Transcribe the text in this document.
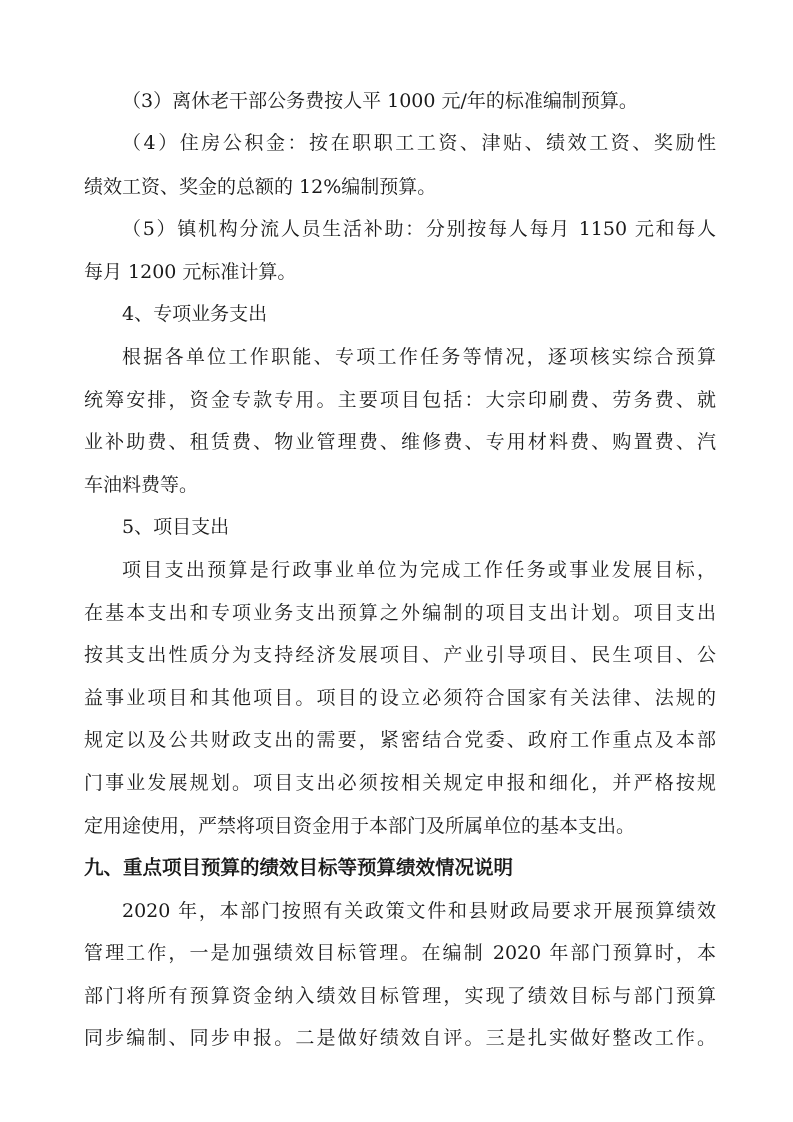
（3）离休老干部公务费按人平 1000 元/年的标准编制预算。
（4）住房公积金：按在职职工工资、津贴、绩效工资、奖励性
绩效工资、奖金的总额的 12%编制预算。
（5）镇机构分流人员生活补助：分别按每人每月 1150 元和每人
每月 1200 元标准计算。
4、专项业务支出
根据各单位工作职能、专项工作任务等情况，逐项核实综合预算
统筹安排，资金专款专用。主要项目包括：大宗印刷费、劳务费、就
业补助费、租赁费、物业管理费、维修费、专用材料费、购置费、汽
车油料费等。
5、项目支出
项目支出预算是行政事业单位为完成工作任务或事业发展目标，
在基本支出和专项业务支出预算之外编制的项目支出计划。项目支出
按其支出性质分为支持经济发展项目、产业引导项目、民生项目、公
益事业项目和其他项目。项目的设立必须符合国家有关法律、法规的
规定以及公共财政支出的需要，紧密结合党委、政府工作重点及本部
门事业发展规划。项目支出必须按相关规定申报和细化，并严格按规
定用途使用，严禁将项目资金用于本部门及所属单位的基本支出。
九、重点项目预算的绩效目标等预算绩效情况说明
2020 年，本部门按照有关政策文件和县财政局要求开展预算绩效
管理工作，一是加强绩效目标管理。在编制 2020 年部门预算时，本
部门将所有预算资金纳入绩效目标管理，实现了绩效目标与部门预算
同步编制、同步申报。二是做好绩效自评。三是扎实做好整改工作。
